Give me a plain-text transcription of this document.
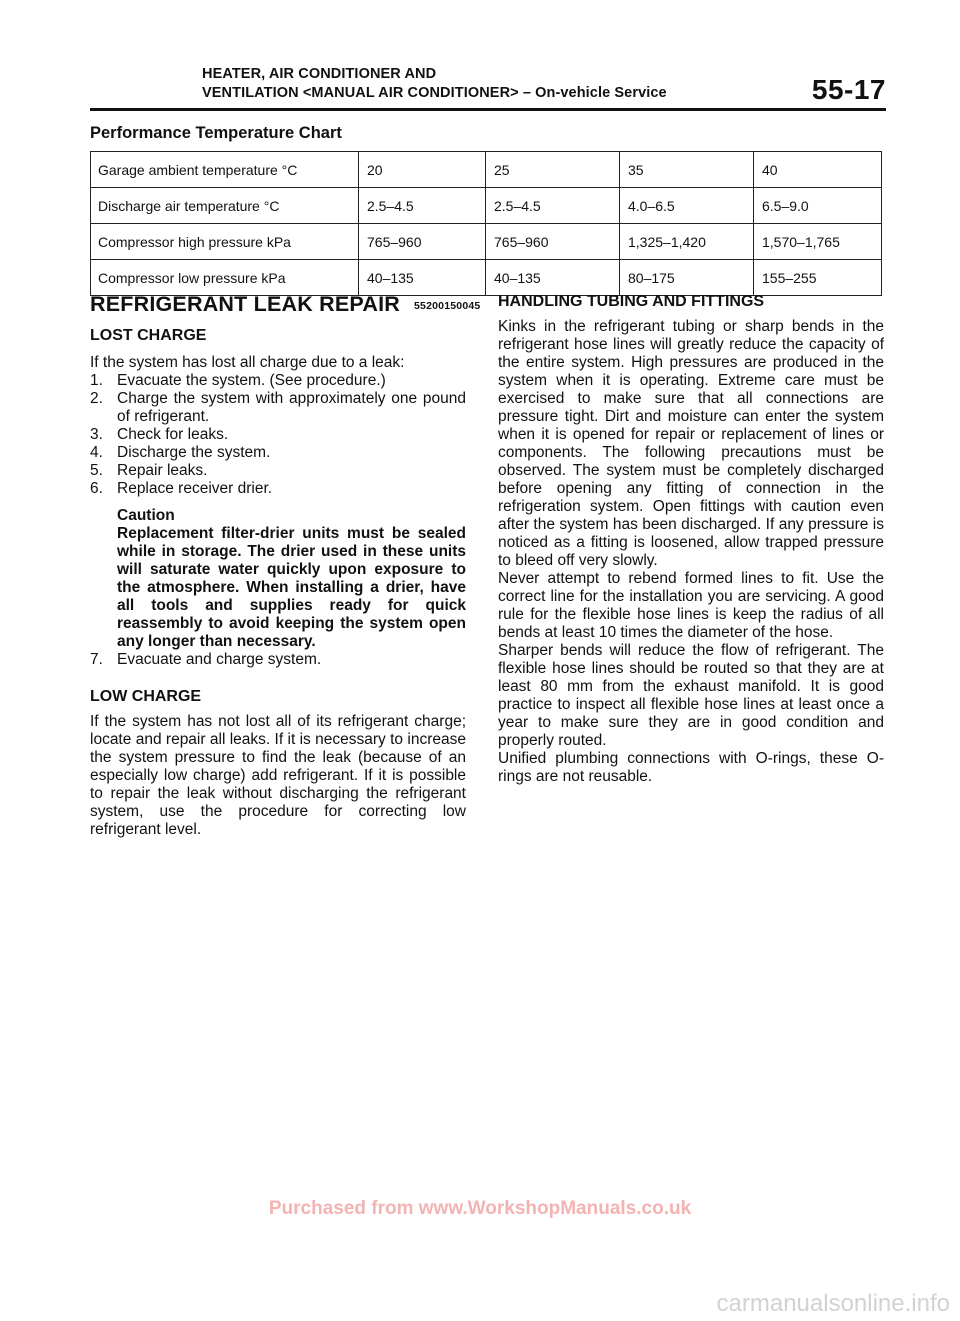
HEATER, AIR CONDITIONER AND
VENTILATION <MANUAL AIR CONDITIONER> – On-vehicle Service	55-17
Performance Temperature Chart
Garage ambient temperature °C	20	25	35	40
Discharge air temperature °C	2.5–4.5	2.5–4.5	4.0–6.5	6.5–9.0
Compressor high pressure kPa	765–960	765–960	1,325–1,420	1,570–1,765
Compressor low pressure kPa	40–135	40–135	80–175	155–255
REFRIGERANT LEAK REPAIR 55200150045
LOST CHARGE

If the system has lost all charge due to a leak:

1. Evacuate the system. (See procedure.)
2. Charge the system with approximately one pound of refrigerant.
3. Check for leaks.
4. Discharge the system.
5. Repair leaks.
6. Replace receiver drier.
Caution
Replacement filter-drier units must be sealed while in storage. The drier used in these units will saturate water quickly upon exposure to the atmosphere. When installing a drier, have all tools and supplies ready for quick reassembly to avoid keeping the system open any longer than necessary.
7. Evacuate and charge system.
LOW CHARGE

If the system has not lost all of its refrigerant charge; locate and repair all leaks. If it is necessary to increase the system pressure to find the leak (because of an especially low charge) add refrigerant. If it is possible to repair the leak without discharging the refrigerant system, use the procedure for correcting low refrigerant level.

HANDLING TUBING AND FITTINGS

Kinks in the refrigerant tubing or sharp bends in the refrigerant hose lines will greatly reduce the capacity of the entire system. High pressures are produced in the system when it is operating. Extreme care must be exercised to make sure that all connections are pressure tight. Dirt and moisture can enter the system when it is opened for repair or replacement of lines or components. The following precautions must be observed. The system must be completely discharged before opening any fitting of connection in the refrigeration system. Open fittings with caution even after the system has been discharged. If any pressure is noticed as a fitting is loosened, allow trapped pressure to bleed off very slowly.

Never attempt to rebend formed lines to fit. Use the correct line for the installation you are servicing. A good rule for the flexible hose lines is keep the radius of all bends at least 10 times the diameter of the hose.

Sharper bends will reduce the flow of refrigerant. The flexible hose lines should be routed so that they are at least 80 mm from the exhaust manifold. It is good practice to inspect all flexible hose lines at least once a year to make sure they are in good condition and properly routed.

Unified plumbing connections with O-rings, these O-rings are not reusable.

Purchased from www.WorkshopManuals.co.uk
carmanualsonline.info
